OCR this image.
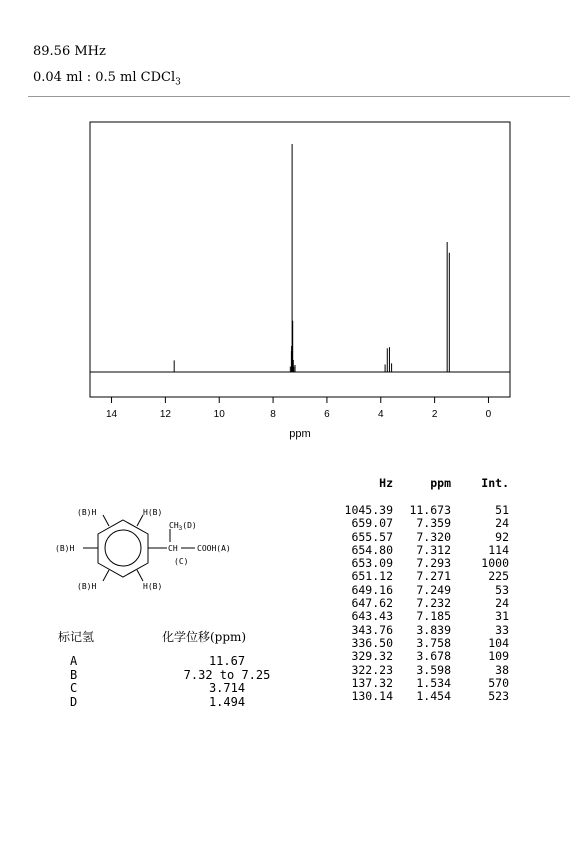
89.56 MHz
0.04 ml : 0.5 ml CDCl$_3$
14	12	10	8	6	4	2	0
ppm
Hz	ppm	Int.
1045.39	11.673	51
659.07	7.359	24
655.57	7.320	92
654.80	7.312	114
653.09	7.293	1000
651.12	7.271	225
649.16	7.249	53
647.62	7.232	24
643.43	7.185	31
343.76	3.839	33
336.50	3.758	104
329.32	3.678	109
322.23	3.598	38
137.32	1.534	570
130.14	1.454	523
(B)H	H(B)
(B)H
(B)H	H(B)
$CH_3(D)$
CH COOH(A)
(C)
标记氢	化学位移(ppm)
A	11.67
B	7.32 to 7.25
C	3.714
D	1.494
